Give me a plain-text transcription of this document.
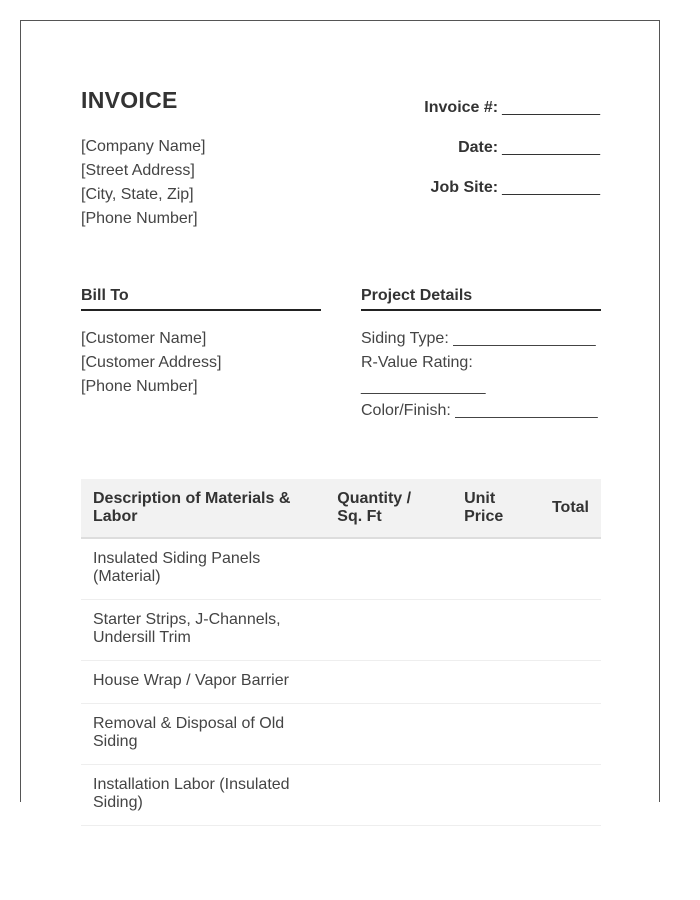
INVOICE
[Company Name]
[Street Address]
[City, State, Zip]
[Phone Number]
Invoice #: ___________
Date: ___________
Job Site: ___________
Bill To
[Customer Name]
[Customer Address]
[Phone Number]
Project Details
Siding Type: ________________
R-Value Rating:
______________
Color/Finish: ________________
Description of Materials & Labor	Quantity / Sq. Ft	Unit Price	Total
Insulated Siding Panels (Material)			
Starter Strips, J-Channels, Undersill Trim			
House Wrap / Vapor Barrier			
Removal & Disposal of Old Siding			
Installation Labor (Insulated Siding)			
